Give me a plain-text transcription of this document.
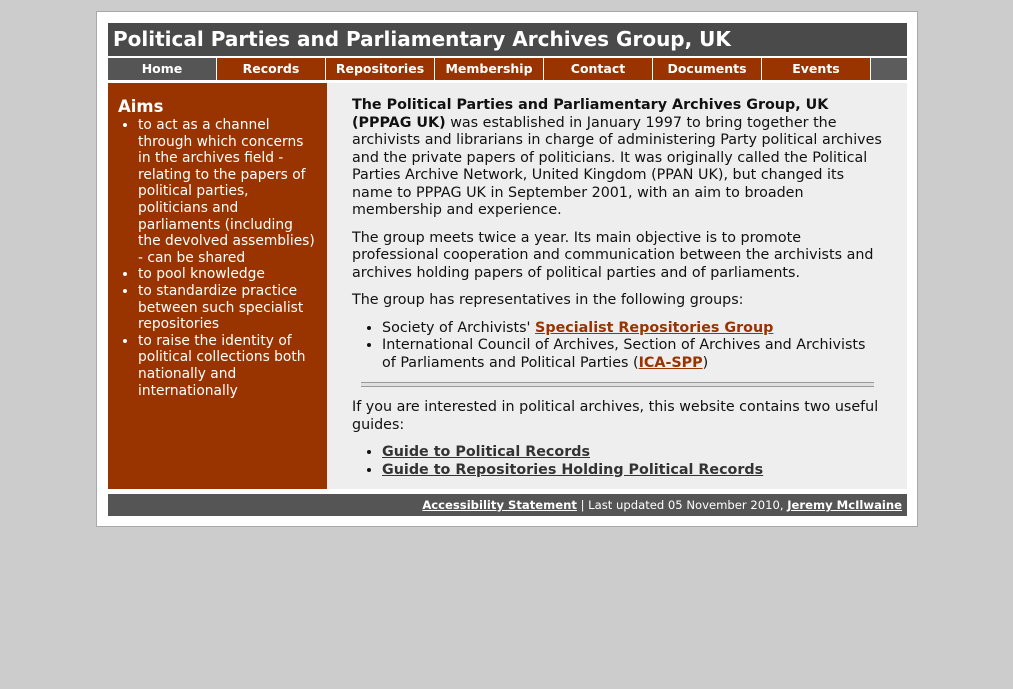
Political Parties and Parliamentary Archives Group, UK
Home	Records	Repositories	Membership	Contact	Documents	Events
Aims
• to act as a channel through which concerns in the archives field - relating to the papers of political parties, politicians and parliaments (including the devolved assemblies) - can be shared
• to pool knowledge
• to standardize practice between such specialist repositories
• to raise the identity of political collections both nationally and internationally

The Political Parties and Parliamentary Archives Group, UK (PPPAG UK) was established in January 1997 to bring together the archivists and librarians in charge of administering Party political archives and the private papers of politicians. It was originally called the Political Parties Archive Network, United Kingdom (PPAN UK), but changed its name to PPPAG UK in September 2001, with an aim to broaden membership and experience.

The group meets twice a year. Its main objective is to promote professional cooperation and communication between the archivists and archives holding papers of political parties and of parliaments.

The group has representatives in the following groups:

• Society of Archivists' Specialist Repositories Group
• International Council of Archives, Section of Archives and Archivists of Parliaments and Political Parties (ICA-SPP)

If you are interested in political archives, this website contains two useful guides:

• Guide to Political Records
• Guide to Repositories Holding Political Records
Accessibility Statement | Last updated 05 November 2010, Jeremy McIlwaine
